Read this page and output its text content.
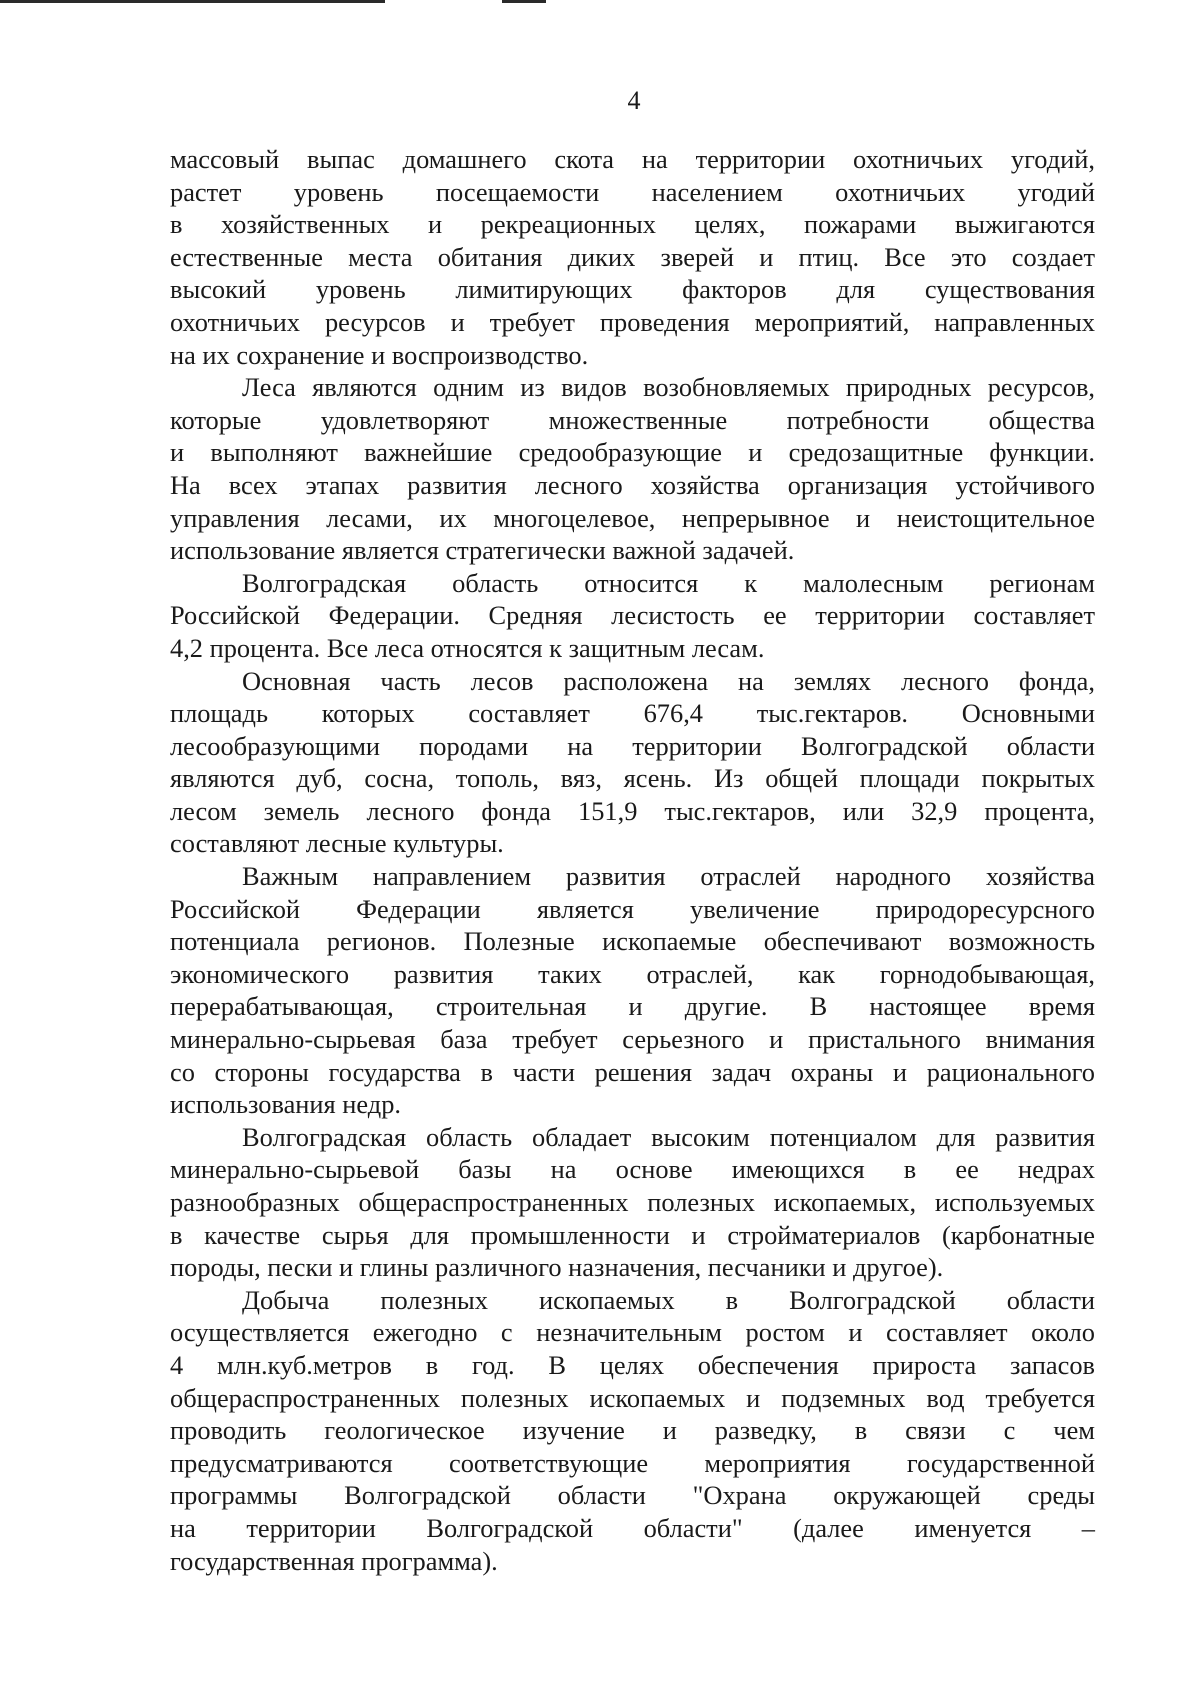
4

массовый выпас домашнего скота на территории охотничьих угодий,
растет уровень посещаемости населением охотничьих угодий
в хозяйственных и рекреационных целях, пожарами выжигаются
естественные места обитания диких зверей и птиц. Все это создает
высокий уровень лимитирующих факторов для существования
охотничьих ресурсов и требует проведения мероприятий, направленных
на их сохранение и воспроизводство.

Леса являются одним из видов возобновляемых природных ресурсов,
которые удовлетворяют множественные потребности общества
и выполняют важнейшие средообразующие и средозащитные функции.
На всех этапах развития лесного хозяйства организация устойчивого
управления лесами, их многоцелевое, непрерывное и неистощительное
использование является стратегически важной задачей.

Волгоградская область относится к малолесным регионам
Российской Федерации. Средняя лесистость ее территории составляет
4,2 процента. Все леса относятся к защитным лесам.

Основная часть лесов расположена на землях лесного фонда,
площадь которых составляет 676,4 тыс.гектаров. Основными
лесообразующими породами на территории Волгоградской области
являются дуб, сосна, тополь, вяз, ясень. Из общей площади покрытых
лесом земель лесного фонда 151,9 тыс.гектаров, или 32,9 процента,
составляют лесные культуры.

Важным направлением развития отраслей народного хозяйства
Российской Федерации является увеличение природоресурсного
потенциала регионов. Полезные ископаемые обеспечивают возможность
экономического развития таких отраслей, как горнодобывающая,
перерабатывающая, строительная и другие. В настоящее время
минерально-сырьевая база требует серьезного и пристального внимания
со стороны государства в части решения задач охраны и рационального
использования недр.

Волгоградская область обладает высоким потенциалом для развития
минерально-сырьевой базы на основе имеющихся в ее недрах
разнообразных общераспространенных полезных ископаемых, используемых
в качестве сырья для промышленности и стройматериалов (карбонатные
породы, пески и глины различного назначения, песчаники и другое).

Добыча полезных ископаемых в Волгоградской области
осуществляется ежегодно с незначительным ростом и составляет около
4 млн.куб.метров в год. В целях обеспечения прироста запасов
общераспространенных полезных ископаемых и подземных вод требуется
проводить геологическое изучение и разведку, в связи с чем
предусматриваются соответствующие мероприятия государственной
программы Волгоградской области "Охрана окружающей среды
на территории Волгоградской области" (далее именуется –
государственная программа).
